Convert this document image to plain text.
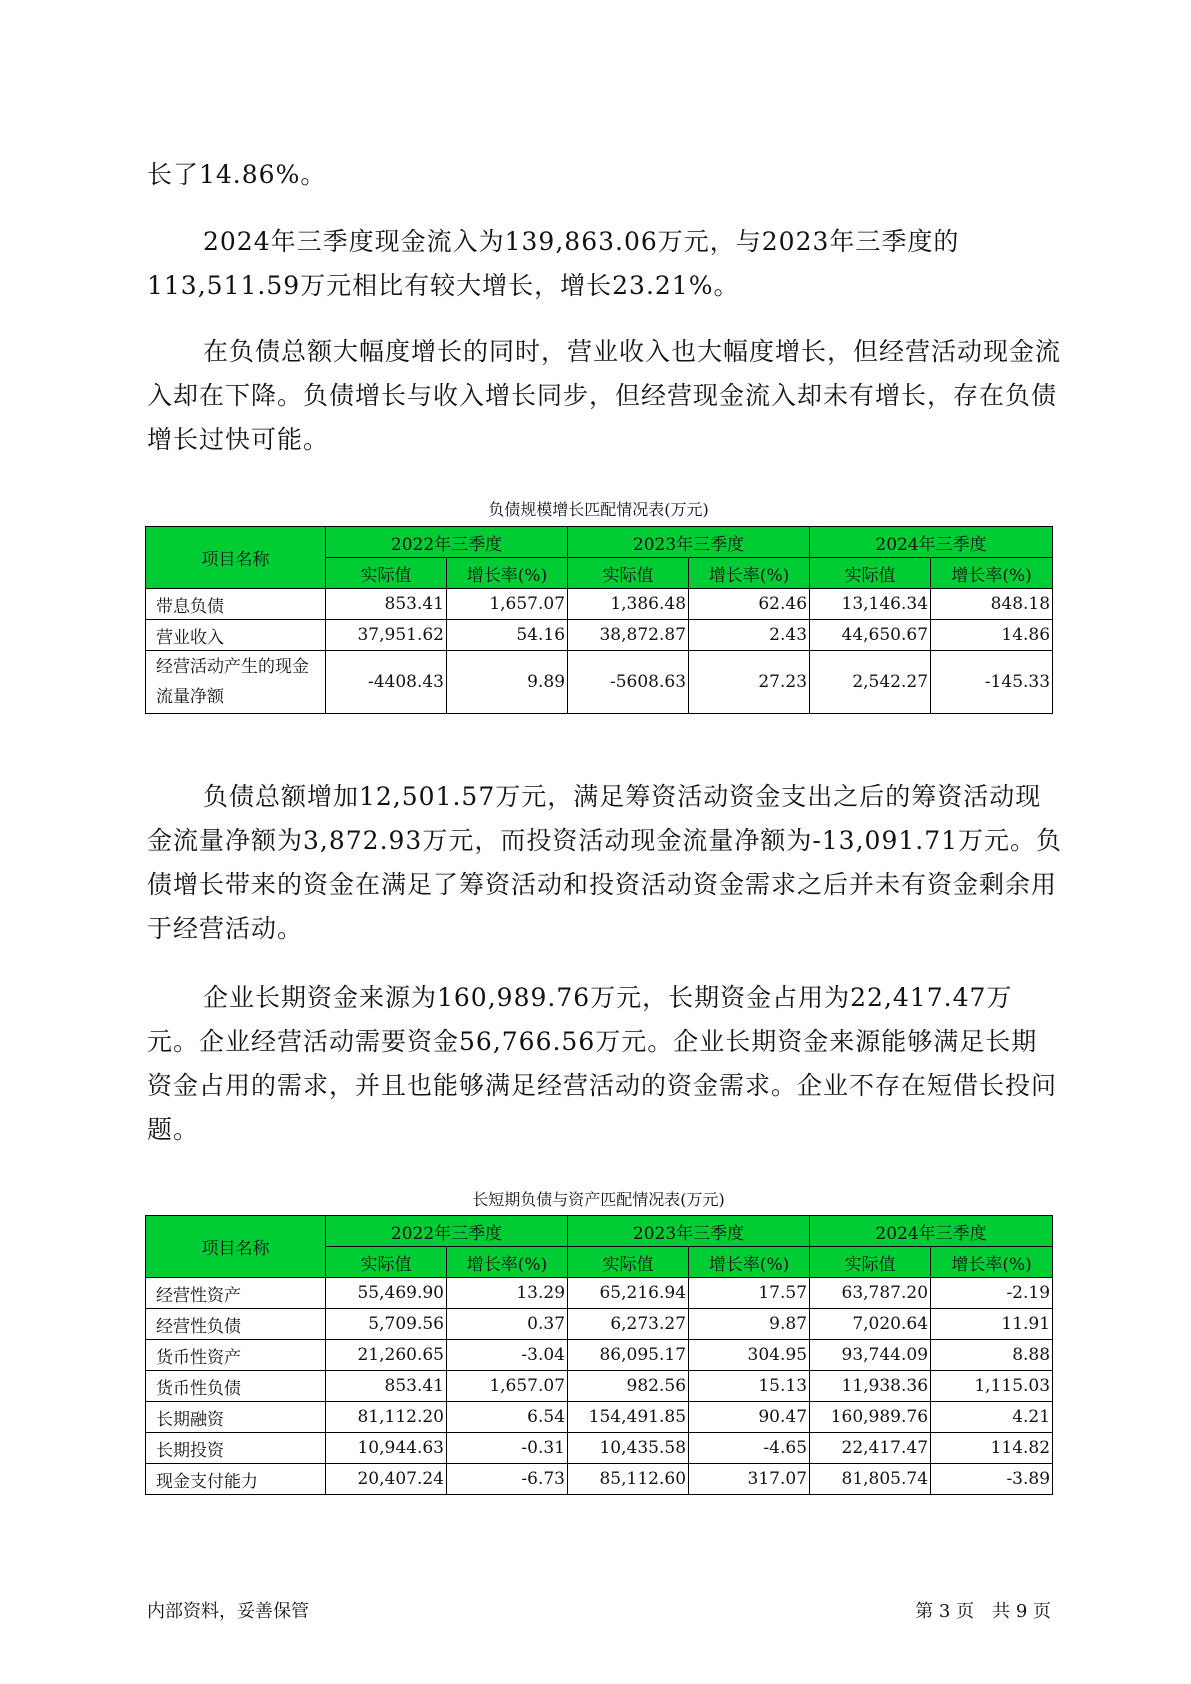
长了14.86%。

2024年三季度现金流入为139,863.06万元，与2023年三季度的113,511.59万元相比有较大增长，增长23.21%。

在负债总额大幅度增长的同时，营业收入也大幅度增长，但经营活动现金流入却在下降。负债增长与收入增长同步，但经营现金流入却未有增长，存在负债增长过快可能。

负债规模增长匹配情况表(万元)

项目名称	2022年三季度		2023年三季度		2024年三季度	
	实际值	增长率(%)	实际值	增长率(%)	实际值	增长率(%)
带息负债	853.41	1,657.07	1,386.48	62.46	13,146.34	848.18
营业收入	37,951.62	54.16	38,872.87	2.43	44,650.67	14.86
经营活动产生的现金流量净额	-4408.43	9.89	-5608.63	27.23	2,542.27	-145.33

负债总额增加12,501.57万元，满足筹资活动资金支出之后的筹资活动现金流量净额为3,872.93万元，而投资活动现金流量净额为-13,091.71万元。负债增长带来的资金在满足了筹资活动和投资活动资金需求之后并未有资金剩余用于经营活动。

企业长期资金来源为160,989.76万元，长期资金占用为22,417.47万元。企业经营活动需要资金56,766.56万元。企业长期资金来源能够满足长期资金占用的需求，并且也能够满足经营活动的资金需求。企业不存在短借长投问题。

长短期负债与资产匹配情况表(万元)

项目名称	2022年三季度		2023年三季度		2024年三季度	
	实际值	增长率(%)	实际值	增长率(%)	实际值	增长率(%)
经营性资产	55,469.90	13.29	65,216.94	17.57	63,787.20	-2.19
经营性负债	5,709.56	0.37	6,273.27	9.87	7,020.64	11.91
货币性资产	21,260.65	-3.04	86,095.17	304.95	93,744.09	8.88
货币性负债	853.41	1,657.07	982.56	15.13	11,938.36	1,115.03
长期融资	81,112.20	6.54	154,491.85	90.47	160,989.76	4.21
长期投资	10,944.63	-0.31	10,435.58	-4.65	22,417.47	114.82
现金支付能力	20,407.24	-6.73	85,112.60	317.07	81,805.74	-3.89

内部资料，妥善保管	第 3 页　共 9 页
